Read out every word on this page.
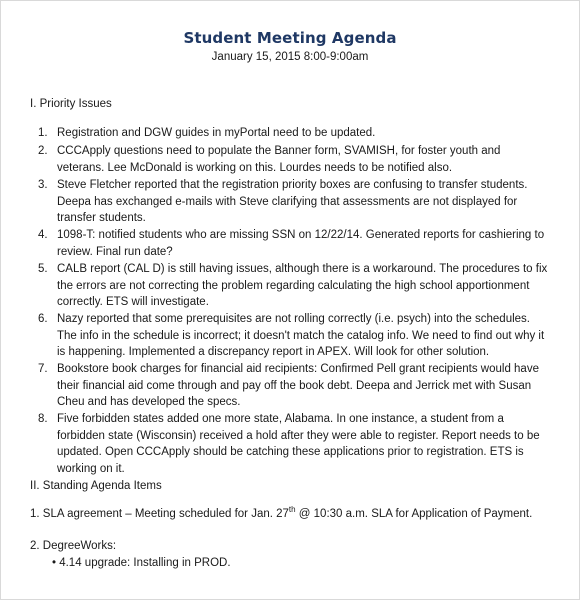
Student Meeting Agenda
January 15, 2015 8:00-9:00am
I. Priority Issues
1. Registration and DGW guides in myPortal need to be updated.
2. CCCApply questions need to populate the Banner form, SVAMISH, for foster youth and veterans. Lee McDonald is working on this. Lourdes needs to be notified also.
3. Steve Fletcher reported that the registration priority boxes are confusing to transfer students. Deepa has exchanged e-mails with Steve clarifying that assessments are not displayed for transfer students.
4. 1098-T: notified students who are missing SSN on 12/22/14. Generated reports for cashiering to review. Final run date?
5. CALB report (CAL D) is still having issues, although there is a workaround. The procedures to fix the errors are not correcting the problem regarding calculating the high school apportionment correctly. ETS will investigate.
6. Nazy reported that some prerequisites are not rolling correctly (i.e. psych) into the schedules. The info in the schedule is incorrect; it doesn't match the catalog info. We need to find out why it is happening. Implemented a discrepancy report in APEX. Will look for other solution.
7. Bookstore book charges for financial aid recipients: Confirmed Pell grant recipients would have their financial aid come through and pay off the book debt. Deepa and Jerrick met with Susan Cheu and has developed the specs.
8. Five forbidden states added one more state, Alabama. In one instance, a student from a forbidden state (Wisconsin) received a hold after they were able to register. Report needs to be updated. Open CCCApply should be catching these applications prior to registration. ETS is working on it.
II. Standing Agenda Items
1. SLA agreement – Meeting scheduled for Jan. 27th @ 10:30 a.m. SLA for Application of Payment.
2. DegreeWorks:
• 4.14 upgrade: Installing in PROD.
